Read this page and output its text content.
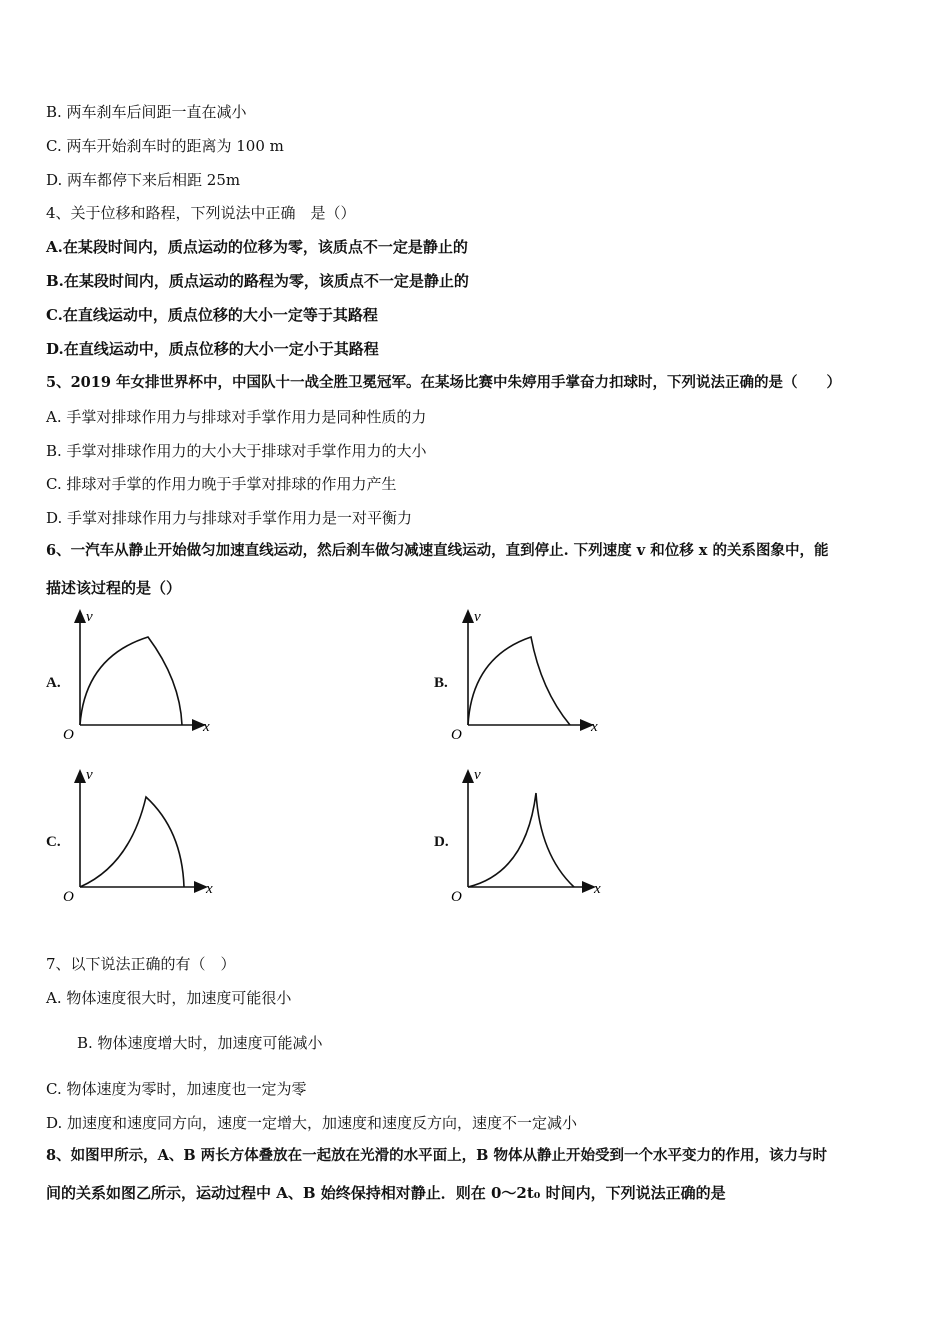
B. 两车刹车后间距一直在减小
C. 两车开始刹车时的距离为 100 m
D. 两车都停下来后相距 25m
4、关于位移和路程，下列说法中正确　是（）
A.在某段时间内，质点运动的位移为零，该质点不一定是静止的
B.在某段时间内，质点运动的路程为零，该质点不一定是静止的
C.在直线运动中，质点位移的大小一定等于其路程
D.在直线运动中，质点位移的大小一定小于其路程
5、2019 年女排世界杯中，中国队十一战全胜卫冕冠军。在某场比赛中朱婷用手掌奋力扣球时，下列说法正确的是（　　）
A. 手掌对排球作用力与排球对手掌作用力是同种性质的力
B. 手掌对排球作用力的大小大于排球对手掌作用力的大小
C. 排球对手掌的作用力晚于手掌对排球的作用力产生
D. 手掌对排球作用力与排球对手掌作用力是一对平衡力
6、一汽车从静止开始做匀加速直线运动，然后刹车做匀减速直线运动，直到停止. 下列速度 v 和位移 x 的关系图象中，能
描述该过程的是（）
A.
v
x
O
B.
v
x
O
C.
v
x
O
D.
v
x
O
7、以下说法正确的有（　）
A. 物体速度很大时，加速度可能很小
B. 物体速度增大时，加速度可能减小
C. 物体速度为零时，加速度也一定为零
D. 加速度和速度同方向，速度一定增大，加速度和速度反方向，速度不一定减小
8、如图甲所示，A、B 两长方体叠放在一起放在光滑的水平面上，B 物体从静止开始受到一个水平变力的作用，该力与时
间的关系如图乙所示，运动过程中 A、B 始终保持相对静止．则在 0～2t₀ 时间内，下列说法正确的是
